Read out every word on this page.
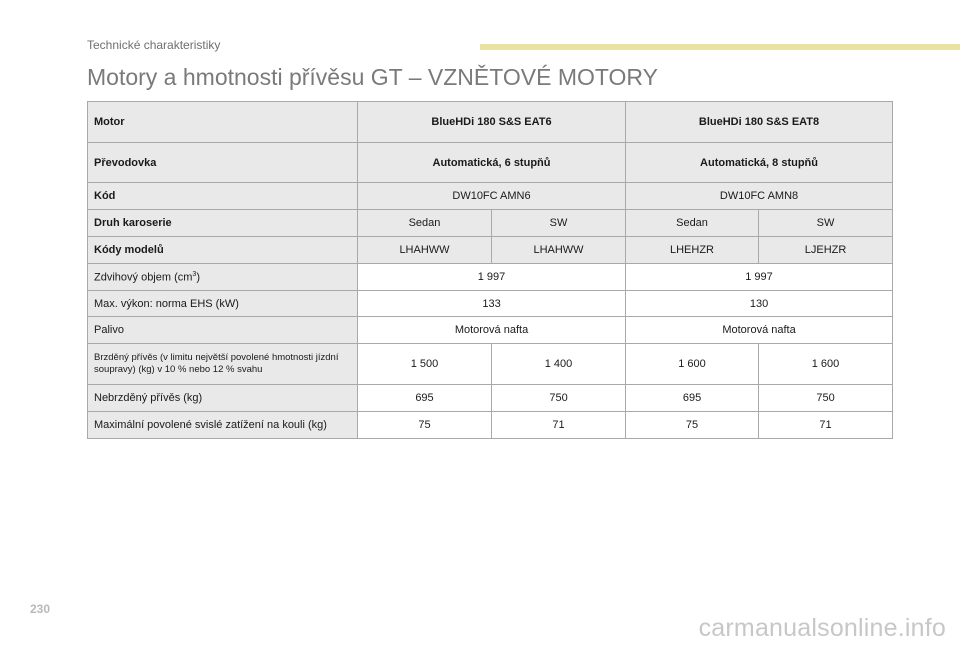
Technické charakteristiky
Motory a hmotnosti přívěsu GT – VZNĚTOVÉ MOTORY
Motor	BlueHDi 180 S&S EAT6		BlueHDi 180 S&S EAT8	
Převodovka	Automatická, 6 stupňů		Automatická, 8 stupňů	
Kód	DW10FC AMN6		DW10FC AMN8	
Druh karoserie	Sedan	SW	Sedan	SW
Kódy modelů	LHAHWW	LHAHWW	LHEHZR	LJEHZR
Zdvihový objem $(cm^3)$	1 997		1 997	
Max. výkon: norma EHS (kW)	133		130	
Palivo	Motorová nafta		Motorová nafta	

Brzděný přívěs (v limitu největší povolené hmotnosti jízdní soupravy) (kg) v 10 % nebo 12 % svahu	1 500	1 400	1 600	1 600
Nebrzděný přívěs (kg)	695	750	695	750
Maximální povolené svislé zatížení na kouli (kg)	75	71	75	71
230
carmanualsonline.info
